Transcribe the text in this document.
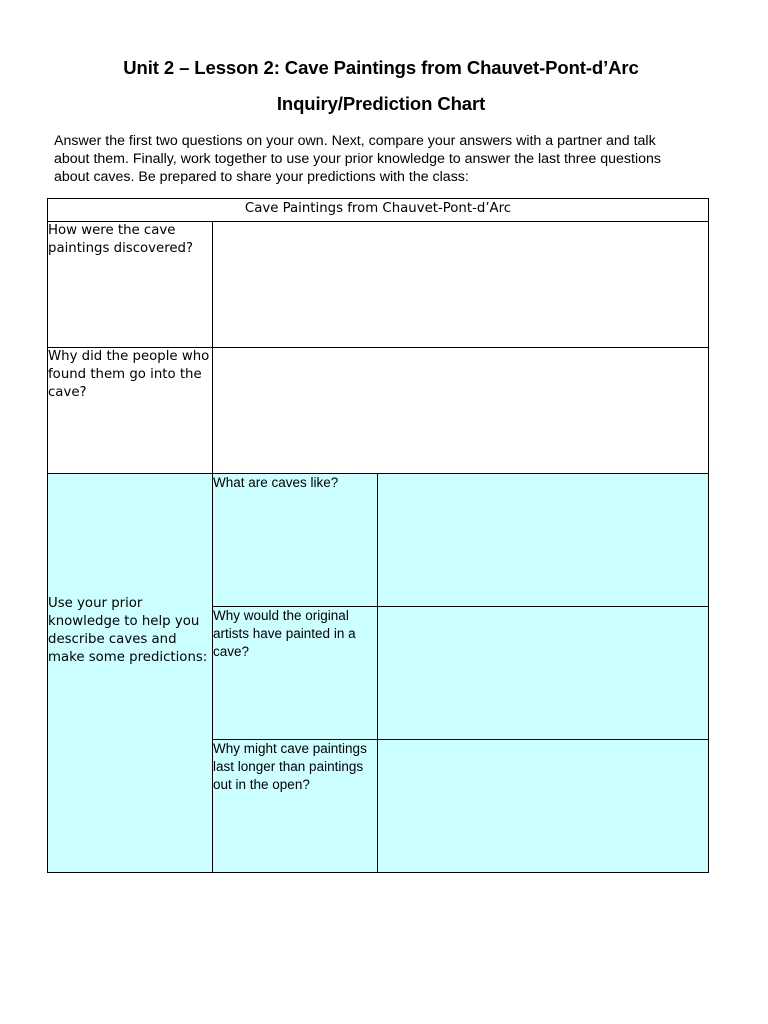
Unit 2 – Lesson 2: Cave Paintings from Chauvet-Pont-d’Arc
Inquiry/Prediction Chart
Answer the first two questions on your own. Next, compare your answers with a partner and talk
about them. Finally, work together to use your prior knowledge to answer the last three questions
about caves. Be prepared to share your predictions with the class:
Cave Paintings from Chauvet-Pont-d’Arc		
How were the cave paintings discovered?		
Why did the people who found them go into the cave?		

Use your prior knowledge to help you describe caves and make some predictions:	What are caves like?	
	Why would the original artists have painted in a cave?	
	Why might cave paintings last longer than paintings out in the open?	
